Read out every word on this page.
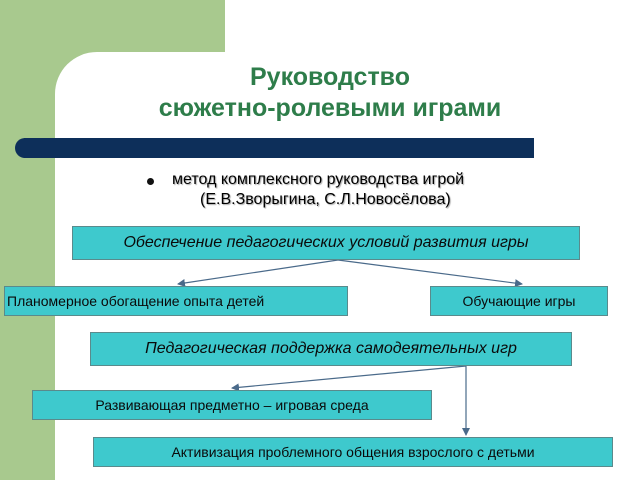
Руководство
сюжетно-ролевыми играми
метод комплексного руководства игрой
(Е.В.Зворыгина, С.Л.Новосёлова)
Обеспечение педагогических условий развития игры
Планомерное обогащение опыта детей	Обучающие игры
Педагогическая поддержка самодеятельных игр
Развивающая предметно – игровая среда
Активизация проблемного общения взрослого с детьми
